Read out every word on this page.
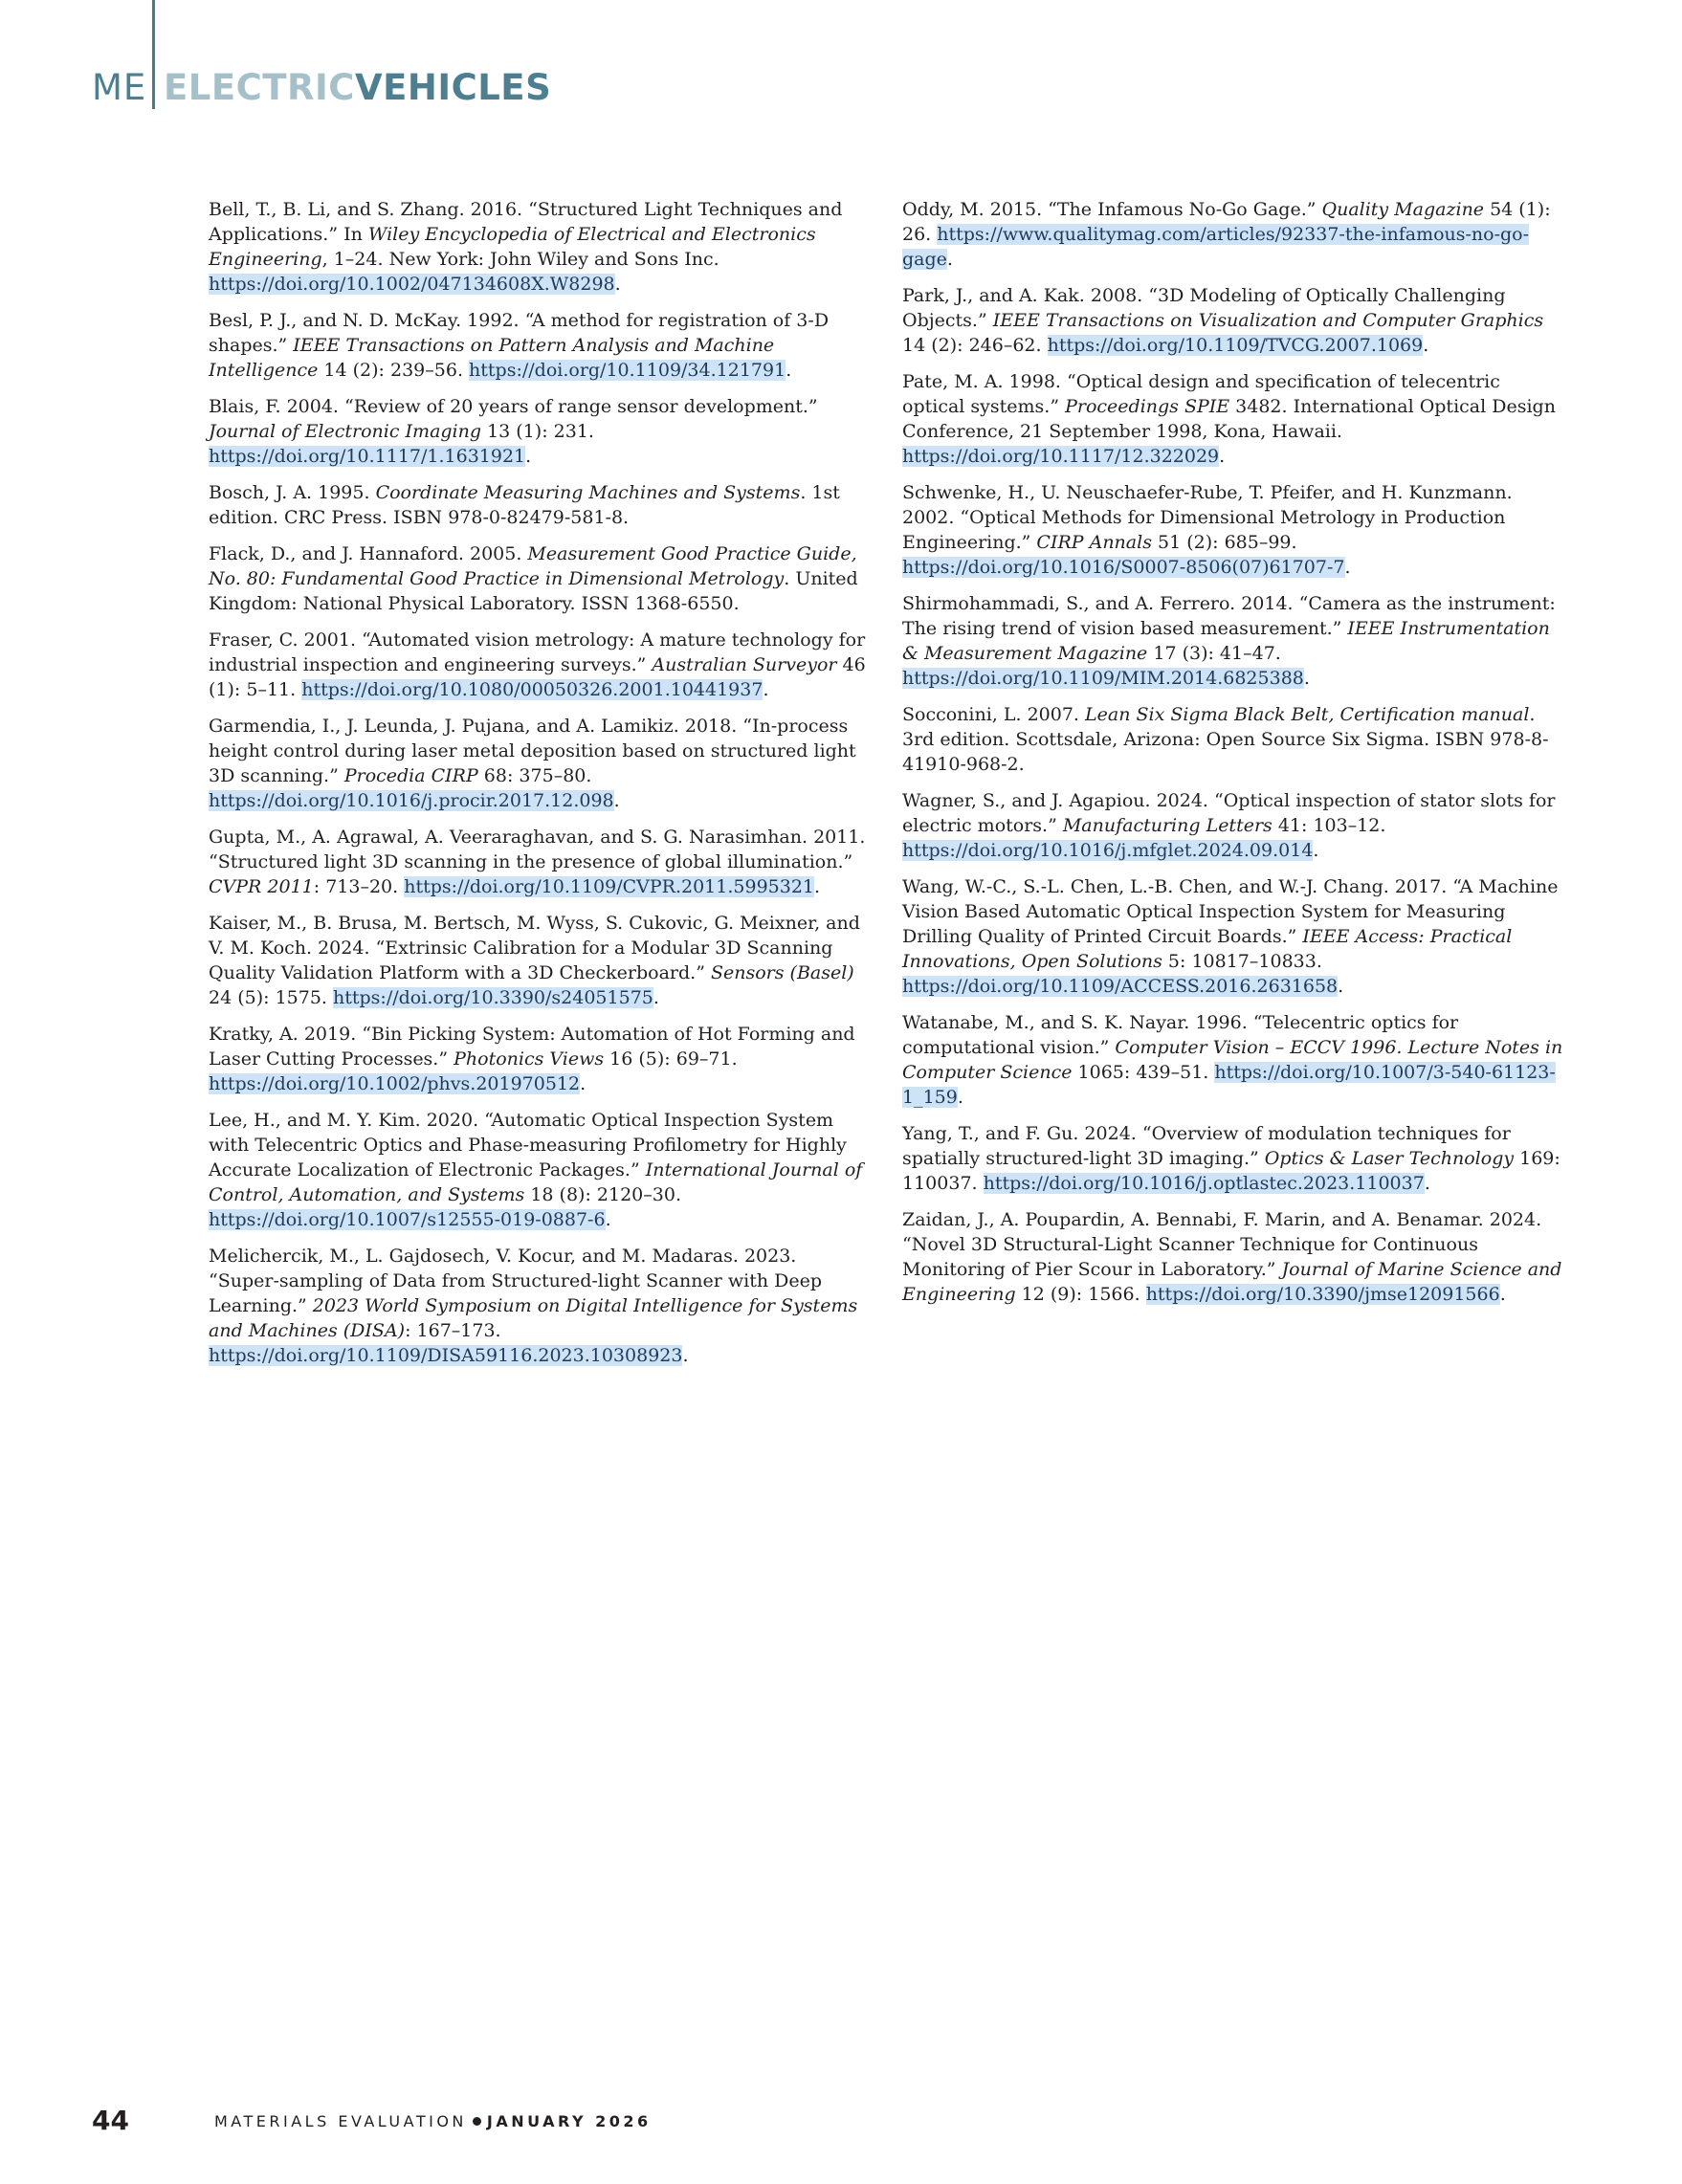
ME ELECTRICVEHICLES

Bell, T., B. Li, and S. Zhang. 2016. “Structured Light Techniques and Applications.” In Wiley Encyclopedia of Electrical and Electronics Engineering, 1–24. New York: John Wiley and Sons Inc. https://doi.org/10.1002/047134608X.W8298.

Besl, P. J., and N. D. McKay. 1992. “A method for registration of 3-D shapes.” IEEE Transactions on Pattern Analysis and Machine Intelligence 14 (2): 239–56. https://doi.org/10.1109/34.121791.

Blais, F. 2004. “Review of 20 years of range sensor development.” Journal of Electronic Imaging 13 (1): 231. https://doi.org/10.1117/1.1631921.

Bosch, J. A. 1995. Coordinate Measuring Machines and Systems. 1st edition. CRC Press. ISBN 978-0-82479-581-8.

Flack, D., and J. Hannaford. 2005. Measurement Good Practice Guide, No. 80: Fundamental Good Practice in Dimensional Metrology. United Kingdom: National Physical Laboratory. ISSN 1368-6550.

Fraser, C. 2001. “Automated vision metrology: A mature technology for industrial inspection and engineering surveys.” Australian Surveyor 46 (1): 5–11. https://doi.org/10.1080/00050326.2001.10441937.

Garmendia, I., J. Leunda, J. Pujana, and A. Lamikiz. 2018. “In-process height control during laser metal deposition based on structured light 3D scanning.” Procedia CIRP 68: 375–80. https://doi.org/10.1016/j.procir.2017.12.098.

Gupta, M., A. Agrawal, A. Veeraraghavan, and S. G. Narasimhan. 2011. “Structured light 3D scanning in the presence of global illumination.” CVPR 2011: 713–20. https://doi.org/10.1109/CVPR.2011.5995321.

Kaiser, M., B. Brusa, M. Bertsch, M. Wyss, S. Cukovic, G. Meixner, and V. M. Koch. 2024. “Extrinsic Calibration for a Modular 3D Scanning Quality Validation Platform with a 3D Checkerboard.” Sensors (Basel) 24 (5): 1575. https://doi.org/10.3390/s24051575.

Kratky, A. 2019. “Bin Picking System: Automation of Hot Forming and Laser Cutting Processes.” Photonics Views 16 (5): 69–71. https://doi.org/10.1002/phvs.201970512.

Lee, H., and M. Y. Kim. 2020. “Automatic Optical Inspection System with Telecentric Optics and Phase-measuring Profilometry for Highly Accurate Localization of Electronic Packages.” International Journal of Control, Automation, and Systems 18 (8): 2120–30. https://doi.org/10.1007/s12555-019-0887-6.

Melichercik, M., L. Gajdosech, V. Kocur, and M. Madaras. 2023. “Super-sampling of Data from Structured-light Scanner with Deep Learning.” 2023 World Symposium on Digital Intelligence for Systems and Machines (DISA): 167–173. https://doi.org/10.1109/DISA59116.2023.10308923.

Oddy, M. 2015. “The Infamous No-Go Gage.” Quality Magazine 54 (1): 26. https://www.qualitymag.com/articles/92337-the-infamous-no-go-gage.

Park, J., and A. Kak. 2008. “3D Modeling of Optically Challenging Objects.” IEEE Transactions on Visualization and Computer Graphics 14 (2): 246–62. https://doi.org/10.1109/TVCG.2007.1069.

Pate, M. A. 1998. “Optical design and specification of telecentric optical systems.” Proceedings SPIE 3482. International Optical Design Conference, 21 September 1998, Kona, Hawaii. https://doi.org/10.1117/12.322029.

Schwenke, H., U. Neuschaefer-Rube, T. Pfeifer, and H. Kunzmann. 2002. “Optical Methods for Dimensional Metrology in Production Engineering.” CIRP Annals 51 (2): 685–99. https://doi.org/10.1016/S0007-8506(07)61707-7.

Shirmohammadi, S., and A. Ferrero. 2014. “Camera as the instrument: The rising trend of vision based measurement.” IEEE Instrumentation & Measurement Magazine 17 (3): 41–47. https://doi.org/10.1109/MIM.2014.6825388.

Socconini, L. 2007. Lean Six Sigma Black Belt, Certification manual. 3rd edition. Scottsdale, Arizona: Open Source Six Sigma. ISBN 978-8-41910-968-2.

Wagner, S., and J. Agapiou. 2024. “Optical inspection of stator slots for electric motors.” Manufacturing Letters 41: 103–12. https://doi.org/10.1016/j.mfglet.2024.09.014.

Wang, W.-C., S.-L. Chen, L.-B. Chen, and W.-J. Chang. 2017. “A Machine Vision Based Automatic Optical Inspection System for Measuring Drilling Quality of Printed Circuit Boards.” IEEE Access: Practical Innovations, Open Solutions 5: 10817–10833. https://doi.org/10.1109/ACCESS.2016.2631658.

Watanabe, M., and S. K. Nayar. 1996. “Telecentric optics for computational vision.” Computer Vision – ECCV 1996. Lecture Notes in Computer Science 1065: 439–51. https://doi.org/10.1007/3-540-61123-1_159.

Yang, T., and F. Gu. 2024. “Overview of modulation techniques for spatially structured-light 3D imaging.” Optics & Laser Technology 169: 110037. https://doi.org/10.1016/j.optlastec.2023.110037.

Zaidan, J., A. Poupardin, A. Bennabi, F. Marin, and A. Benamar. 2024. “Novel 3D Structural-Light Scanner Technique for Continuous Monitoring of Pier Scour in Laboratory.” Journal of Marine Science and Engineering 12 (9): 1566. https://doi.org/10.3390/jmse12091566.

44	MATERIALS EVALUATION JANUARY 2026
